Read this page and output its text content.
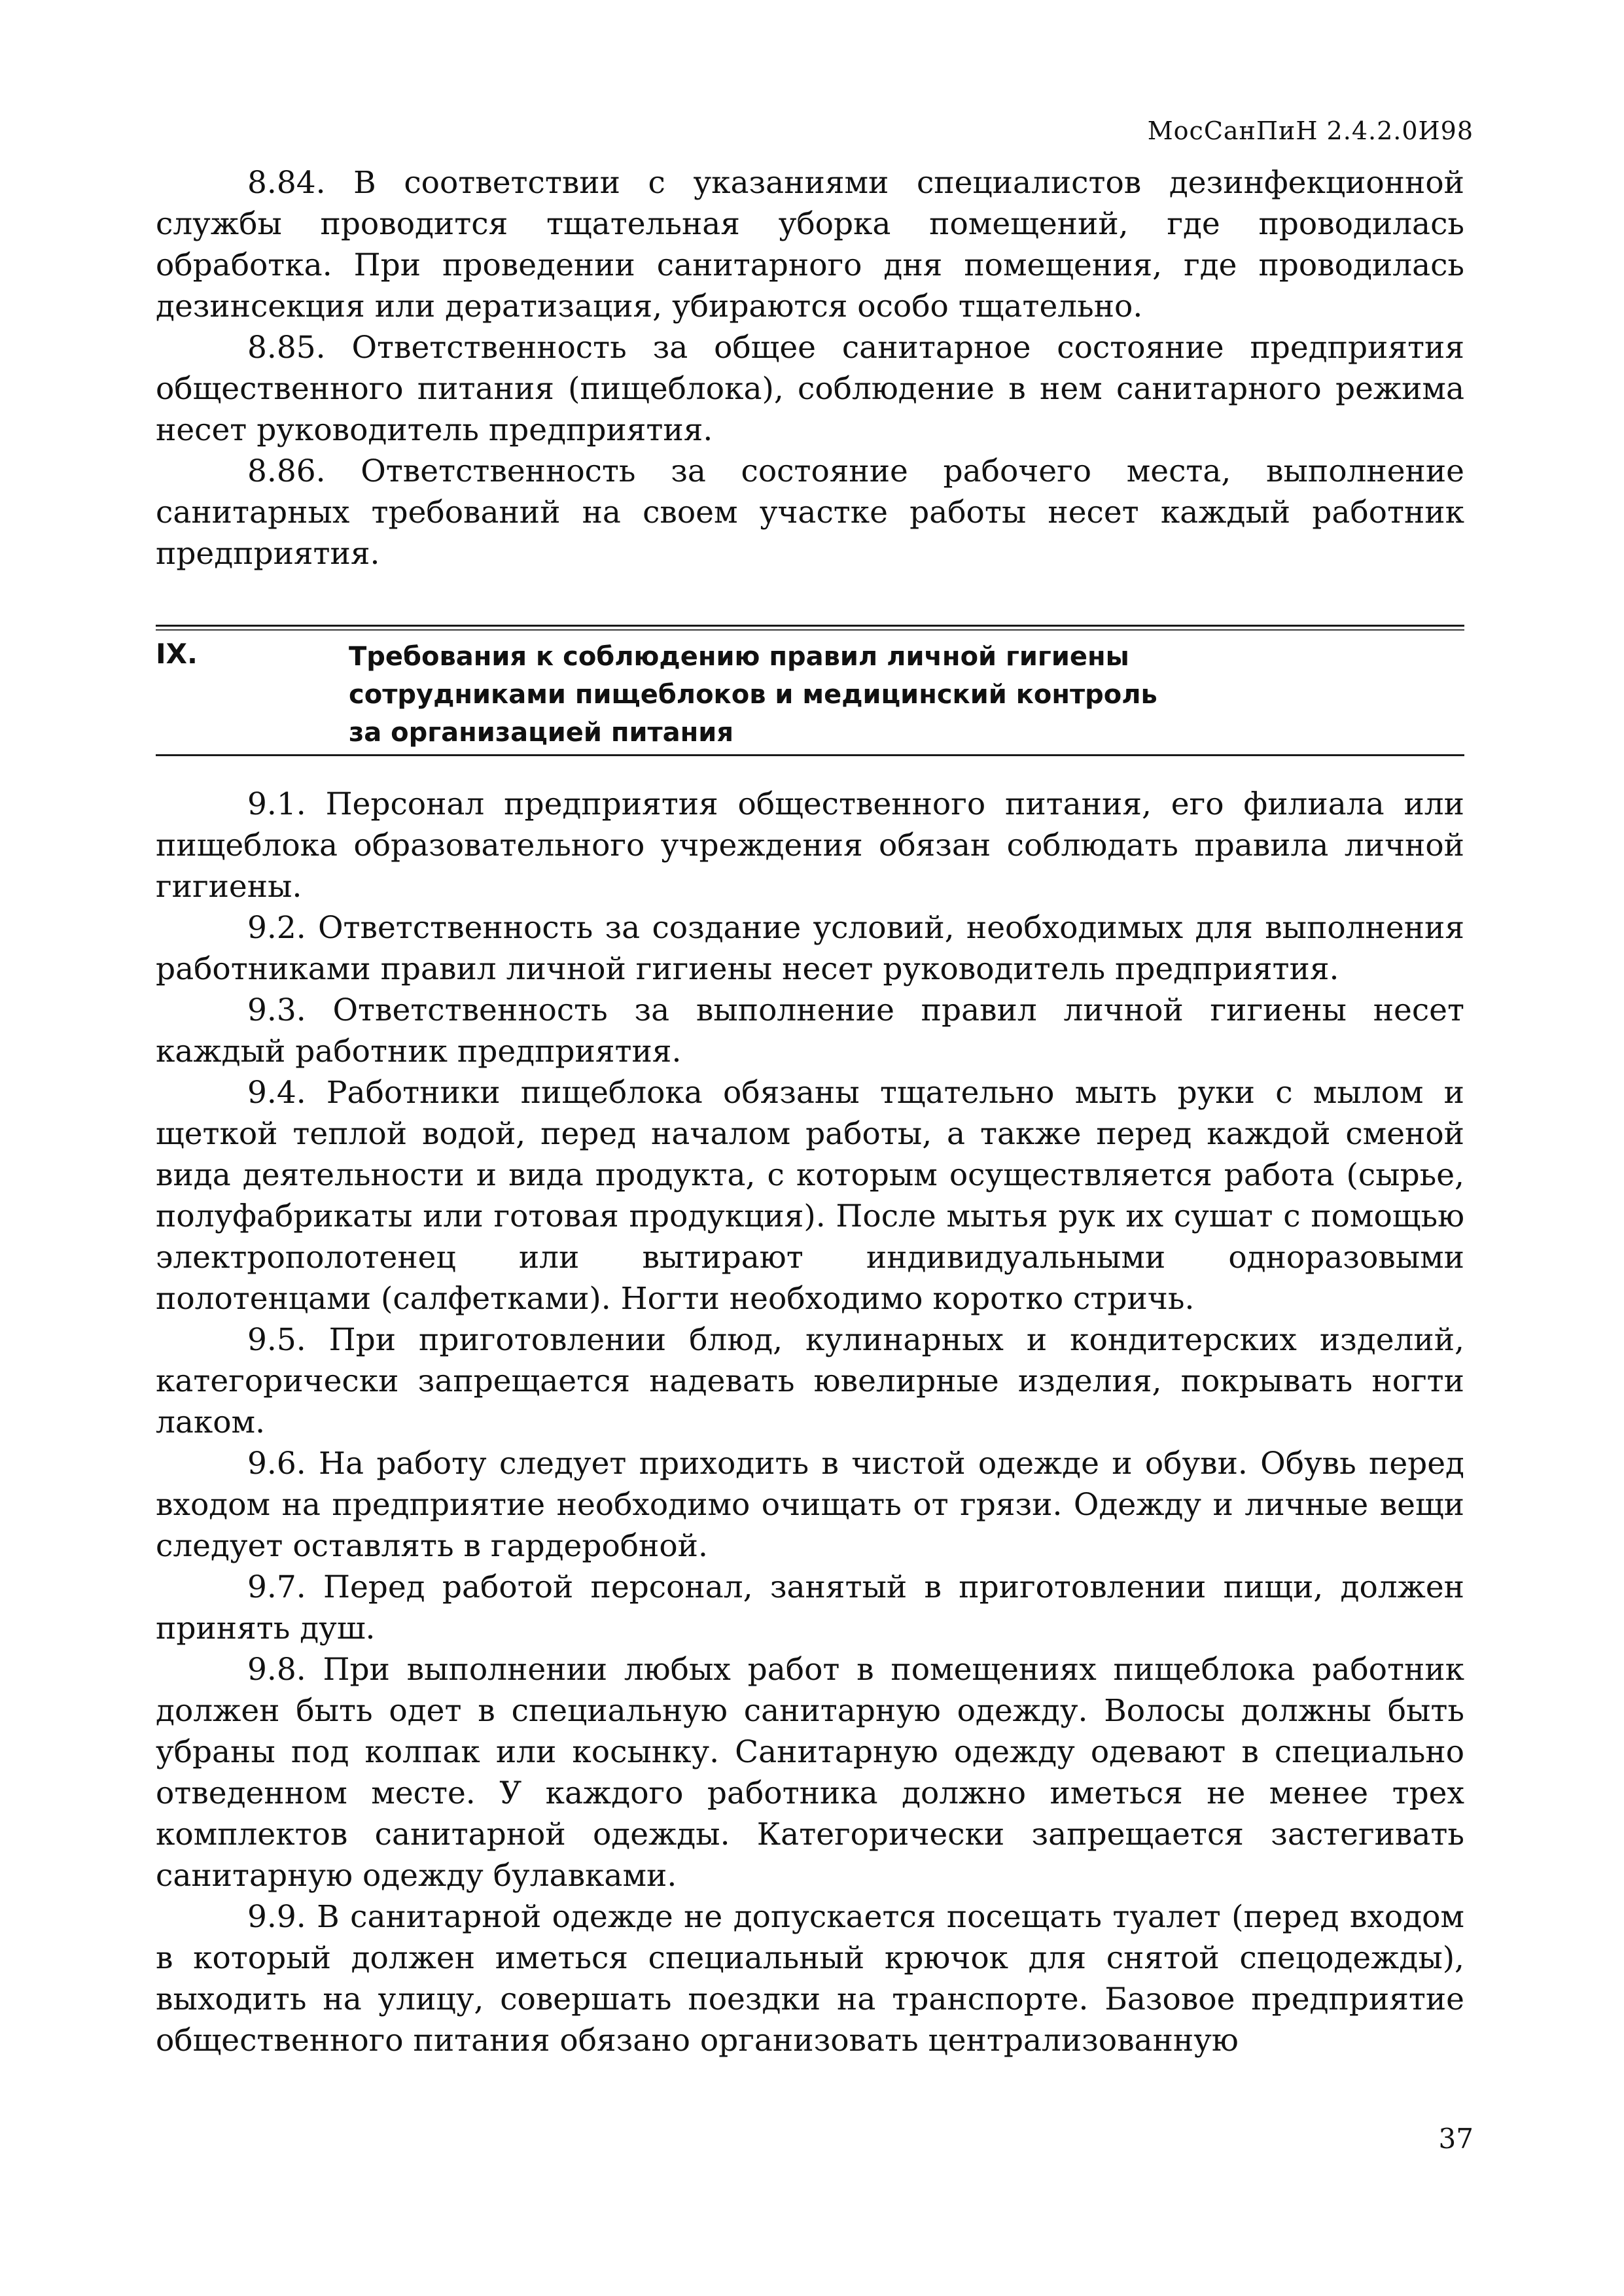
МосСанПиН 2.4.2.0И98

8.84. В соответствии с указаниями специалистов дезинфекционной службы проводится тщательная уборка помещений, где проводилась обработка. При проведении санитарного дня помещения, где проводилась дезинсекция или дератизация, убираются особо тщательно.

8.85. Ответственность за общее санитарное состояние предприятия общественного питания (пищеблока), соблюдение в нем санитарного режима несет руководитель предприятия.

8.86. Ответственность за состояние рабочего места, выполнение санитарных требований на своем участке работы несет каждый работник предприятия.

IX.	Требования к соблюдению правил личной гигиены
сотрудниками пищеблоков и медицинский контроль
за организацией питания

9.1. Персонал предприятия общественного питания, его филиала или пищеблока образовательного учреждения обязан соблюдать правила личной гигиены.

9.2. Ответственность за создание условий, необходимых для выполнения работниками правил личной гигиены несет руководитель предприятия.

9.3. Ответственность за выполнение правил личной гигиены несет каждый работник предприятия.

9.4. Работники пищеблока обязаны тщательно мыть руки с мылом и щеткой теплой водой, перед началом работы, а также перед каждой сменой вида деятельности и вида продукта, с которым осуществляется работа (сырье, полуфабрикаты или готовая продукция). После мытья рук их сушат с помощью электрополотенец или вытирают индивидуальными одноразовыми полотенцами (салфетками). Ногти необходимо коротко стричь.

9.5. При приготовлении блюд, кулинарных и кондитерских изделий, категорически запрещается надевать ювелирные изделия, покрывать ногти лаком.

9.6. На работу следует приходить в чистой одежде и обуви. Обувь перед входом на предприятие необходимо очищать от грязи. Одежду и личные вещи следует оставлять в гардеробной.

9.7. Перед работой персонал, занятый в приготовлении пищи, должен принять душ.

9.8. При выполнении любых работ в помещениях пищеблока работник должен быть одет в специальную санитарную одежду. Волосы должны быть убраны под колпак или косынку. Санитарную одежду одевают в специально отведенном месте. У каждого работника должно иметься не менее трех комплектов санитарной одежды. Категорически запрещается застегивать санитарную одежду булавками.

9.9. В санитарной одежде не допускается посещать туалет (перед входом в который должен иметься специальный крючок для снятой спецодежды), выходить на улицу, совершать поездки на транспорте. Базовое предприятие общественного питания обязано организовать централизованную

37
